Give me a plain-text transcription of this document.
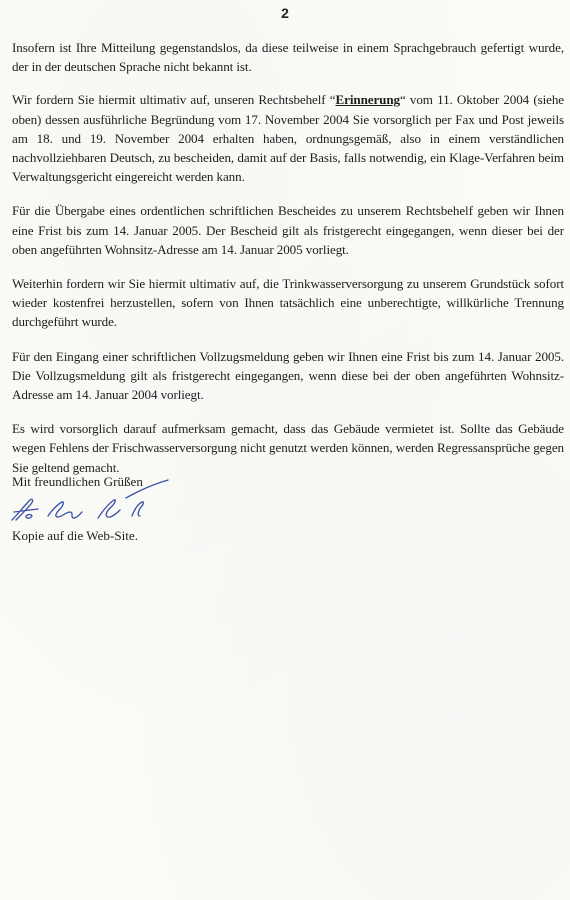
2

Insofern ist Ihre Mitteilung gegenstandslos, da diese teilweise in einem Sprachgebrauch gefertigt wurde, der in der deutschen Sprache nicht bekannt ist.

Wir fordern Sie hiermit ultimativ auf, unseren Rechtsbehelf “Erinnerung“ vom 11. Oktober 2004 (siehe oben) dessen ausführliche Begründung vom 17. November 2004 Sie vorsorglich per Fax und Post jeweils am 18. und 19. November 2004 erhalten haben, ordnungsgemäß, also in einem verständlichen nachvollziehbaren Deutsch, zu bescheiden, damit auf der Basis, falls notwendig, ein Klage-Verfahren beim Verwaltungsgericht eingereicht werden kann.

Für die Übergabe eines ordentlichen schriftlichen Bescheides zu unserem Rechtsbehelf geben wir Ihnen eine Frist bis zum 14. Januar 2005. Der Bescheid gilt als fristgerecht eingegangen, wenn dieser bei der oben angeführten Wohnsitz-Adresse am 14. Januar 2005 vorliegt.

Weiterhin fordern wir Sie hiermit ultimativ auf, die Trinkwasserversorgung zu unserem Grundstück sofort wieder kostenfrei herzustellen, sofern von Ihnen tatsächlich eine unberechtigte, willkürliche Trennung durchgeführt wurde.

Für den Eingang einer schriftlichen Vollzugsmeldung geben wir Ihnen eine Frist bis zum 14. Januar 2005. Die Vollzugsmeldung gilt als fristgerecht eingegangen, wenn diese bei der oben angeführten Wohnsitz-Adresse am 14. Januar 2004 vorliegt.

Es wird vorsorglich darauf aufmerksam gemacht, dass das Gebäude vermietet ist. Sollte das Gebäude wegen Fehlens der Frischwasserversorgung nicht genutzt werden können, werden Regressansprüche gegen Sie geltend gemacht.

Mit freundlichen Grüßen
Kopie auf die Web-Site.
